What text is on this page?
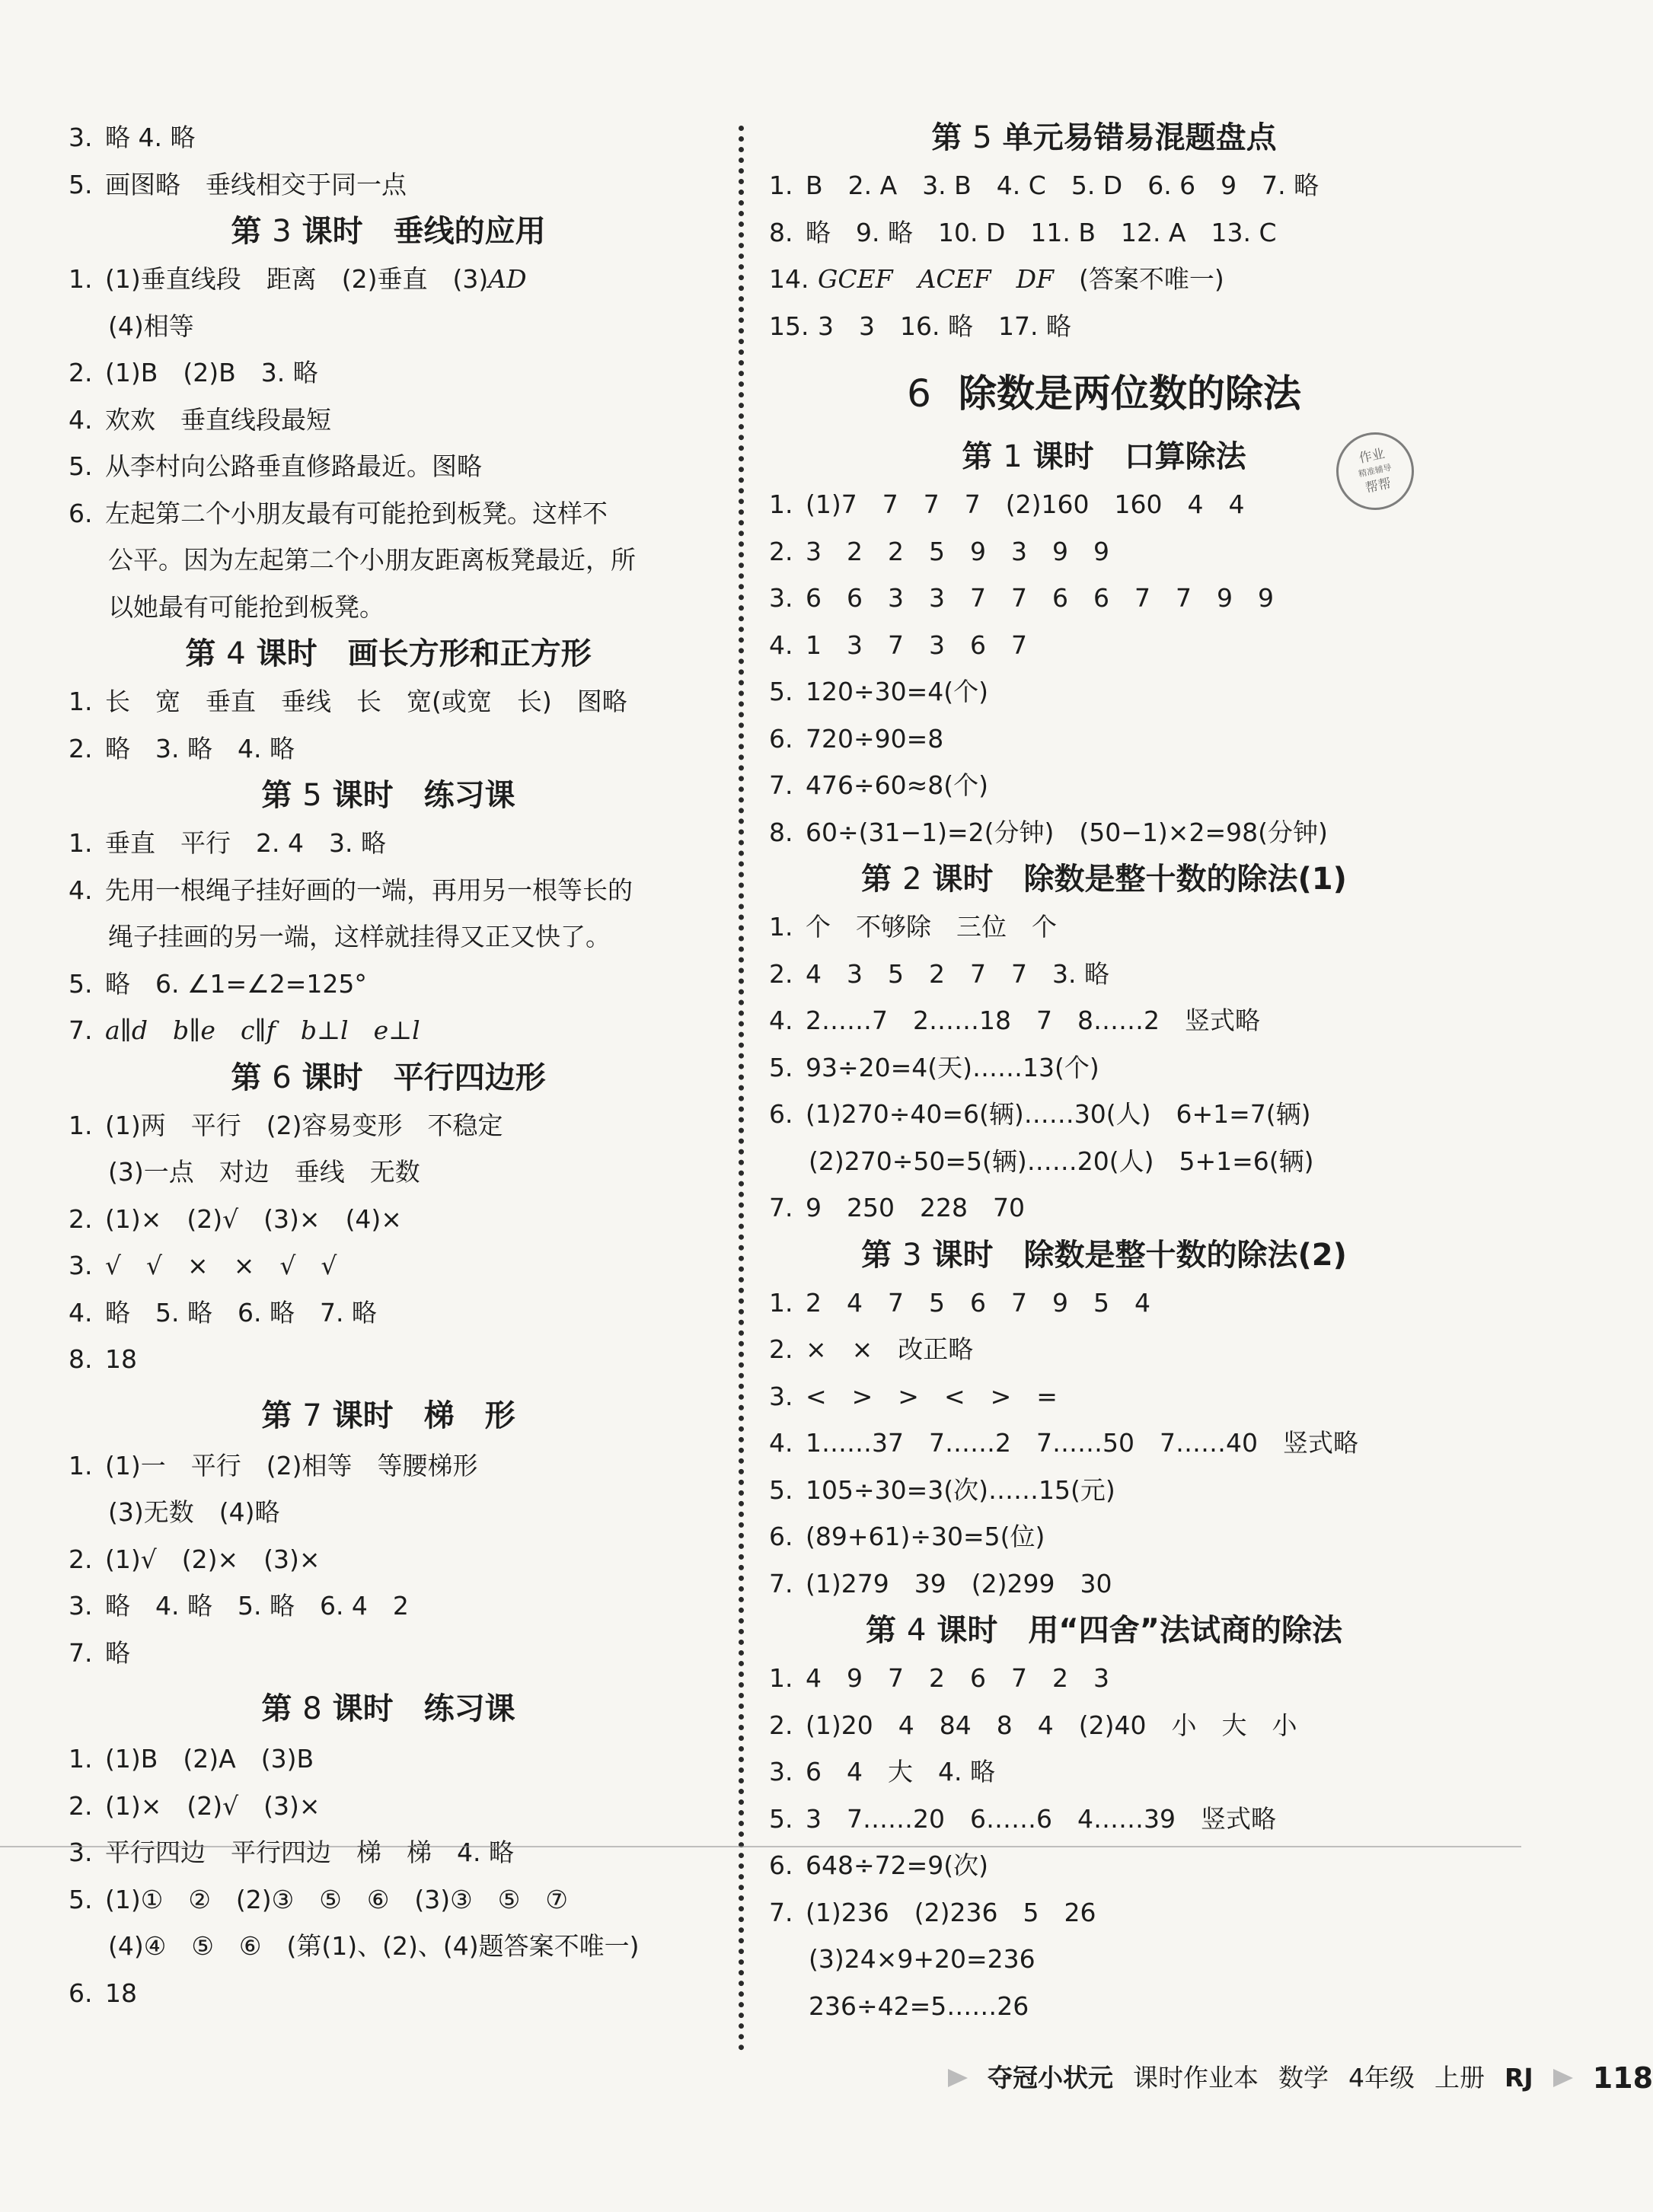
3. 略 4. 略
5. 画图略　垂线相交于同一点
第 3 课时 垂线的应用
1. (1)垂直线段　距离　(2)垂直　(3)AD
(4)相等
2. (1)B　(2)B　3. 略
4. 欢欢　垂直线段最短
5. 从李村向公路垂直修路最近。图略
6. 左起第二个小朋友最有可能抢到板凳。这样不
公平。因为左起第二个小朋友距离板凳最近，所
以她最有可能抢到板凳。
第 4 课时 画长方形和正方形
1. 长　宽　垂直　垂线　长　宽(或宽　长)　图略
2. 略　3. 略　4. 略
第 5 课时 练习课
1. 垂直　平行　2. 4　3. 略
4. 先用一根绳子挂好画的一端，再用另一根等长的
绳子挂画的另一端，这样就挂得又正又快了。
5. 略　6. ∠1=∠2=125°
7. a∥d　b∥e　c∥f　b⊥l　e⊥l
第 6 课时 平行四边形
1. (1)两　平行　(2)容易变形　不稳定
(3)一点　对边　垂线　无数
2. (1)×　(2)√　(3)×　(4)×
3. √　√　×　×　√　√
4. 略　5. 略　6. 略　7. 略
8. 18
第 7 课时 梯　形
1. (1)一　平行　(2)相等　等腰梯形
(3)无数　(4)略
2. (1)√　(2)×　(3)×
3. 略　4. 略　5. 略　6. 4　2
7. 略
第 8 课时 练习课
1. (1)B　(2)A　(3)B
2. (1)×　(2)√　(3)×
3. 平行四边　平行四边　梯　梯　4. 略
5. (1)①　②　(2)③　⑤　⑥　(3)③　⑤　⑦
(4)④　⑤　⑥　(第(1)、(2)、(4)题答案不唯一)
6. 18
第 5 单元易错易混题盘点
1. B　2. A　3. B　4. C　5. D　6. 6　9　7. 略
8. 略　9. 略　10. D　11. B　12. A　13. C
14. GCEF　ACEF　DF　 (答案不唯一)
15. 3　3　16. 略　17. 略
6 除数是两位数的除法
第 1 课时 口算除法
1. (1)7　7　7　7　(2)160　160　4　4
2. 3　2　2　5　9　3　9　9
3. 6　6　3　3　7　7　6　6　7　7　9　9
4. 1　3　7　3　6　7
5. 120÷30=4(个)
6. 720÷90=8
7. 476÷60≈8(个)
8. 60÷(31−1)=2(分钟)　(50−1)×2=98(分钟)
第 2 课时 除数是整十数的除法(1)
1. 个　不够除　三位　个
2. 4　3　5　2　7　7　3. 略
4. 2……7　2……18　7　8……2　竖式略
5. 93÷20=4(天)……13(个)
6. (1)270÷40=6(辆)……30(人)　6+1=7(辆)
(2)270÷50=5(辆)……20(人)　5+1=6(辆)
7. 9　250　228　70
第 3 课时 除数是整十数的除法(2)
1. 2　4　7　5　6　7　9　5　4
2. ×　×　改正略
3. <　>　>　<　>　=
4. 1……37　7……2　7……50　7……40　竖式略
5. 105÷30=3(次)……15(元)
6. (89+61)÷30=5(位)
7. (1)279　39　(2)299　30
第 4 课时 用“四舍”法试商的除法
1. 4　9　7　2　6　7　2　3
2. (1)20　4　84　8　4　(2)40　小　大　小
3. 6　4　大　4. 略
5. 3　7……20　6……6　4……39　竖式略
6. 648÷72=9(次)
7. (1)236　(2)236　5　26
(3)24×9+20=236
236÷42=5……26
作业
精准辅导
帮帮
夺冠小状元 课时作业本 数学 4年级 上册 RJ 118
